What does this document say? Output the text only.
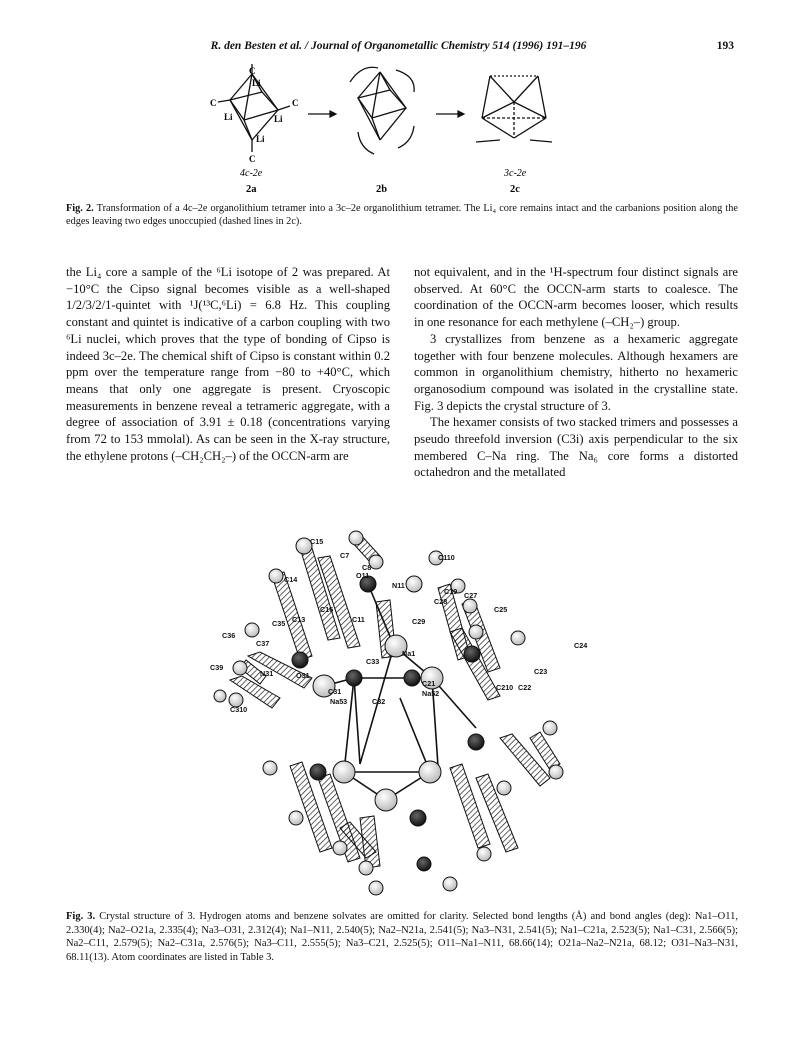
R. den Besten et al. / Journal of Organometallic Chemistry 514 (1996) 191–196	193
C
Li
C
Li	Li
C
Li
C
4c-2e	3c-2e
2a	2b	2c
Fig. 2. Transformation of a 4c–2e organolithium tetramer into a 3c–2e organolithium tetramer. The Li₄ core remains intact and the carbanions position along the edges leaving two edges unoccupied (dashed lines in 2c).

the Li₄ core a sample of the ⁶Li isotope of 2 was prepared. At −10°C the Cipso signal becomes visible as a well-shaped 1/2/3/2/1-quintet with ¹J(¹³C,⁶Li) = 6.8 Hz. This coupling constant and quintet is indicative of a carbon coupling with two ⁶Li nuclei, which proves that the type of bonding of Cipso is indeed 3c–2e. The chemical shift of Cipso is constant within 0.2 ppm over the temperature range from −80 to +40°C, which means that only one aggregate is present. Cryoscopic measurements in benzene reveal a tetrameric aggregate, with a degree of association of 3.91 ± 0.18 (concentrations varying from 72 to 153 mmolal). As can be seen in the X-ray structure, the ethylene protons (–CH₂CH₂–) of the OCCN-arm are

not equivalent, and in the ¹H-spectrum four distinct signals are observed. At 60°C the OCCN-arm starts to coalesce. The coordination of the OCCN-arm becomes looser, which results in one resonance for each methylene (–CH₂–) group.

3 crystallizes from benzene as a hexameric aggregate together with four benzene molecules. Although hexamers are common in organolithium chemistry, hitherto no hexameric organosodium compound was isolated in the crystalline state. Fig. 3 depicts the crystal structure of 3.

The hexamer consists of two stacked trimers and possesses a pseudo threefold inversion (C3i) axis perpendicular to the six membered C–Na ring. The Na₆ core forms a distorted octahedron and the metallated

C15
C7
C8
O11
N11
C110
C14
C19
C28
C27
C25
C16
C11	C29
C35 C13
C36
C37
Na1
C24
C33
C39
N31	O31
C21
C23
C31	Na52
C210 C22
Na53	C32
C310
Fig. 3. Crystal structure of 3. Hydrogen atoms and benzene solvates are omitted for clarity. Selected bond lengths (Å) and bond angles (deg): Na1–O11, 2.330(4); Na2–O21a, 2.335(4); Na3–O31, 2.312(4); Na1–N11, 2.540(5); Na2–N21a, 2.541(5); Na3–N31, 2.541(5); Na1–C21a, 2.523(5); Na1–C31, 2.566(5); Na2–C11, 2.579(5); Na2–C31a, 2.576(5); Na3–C11, 2.555(5); Na3–C21, 2.525(5); O11–Na1–N11, 68.66(14); O21a–Na2–N21a, 68.12; O31–Na3–N31, 68.11(13). Atom coordinates are listed in Table 3.
